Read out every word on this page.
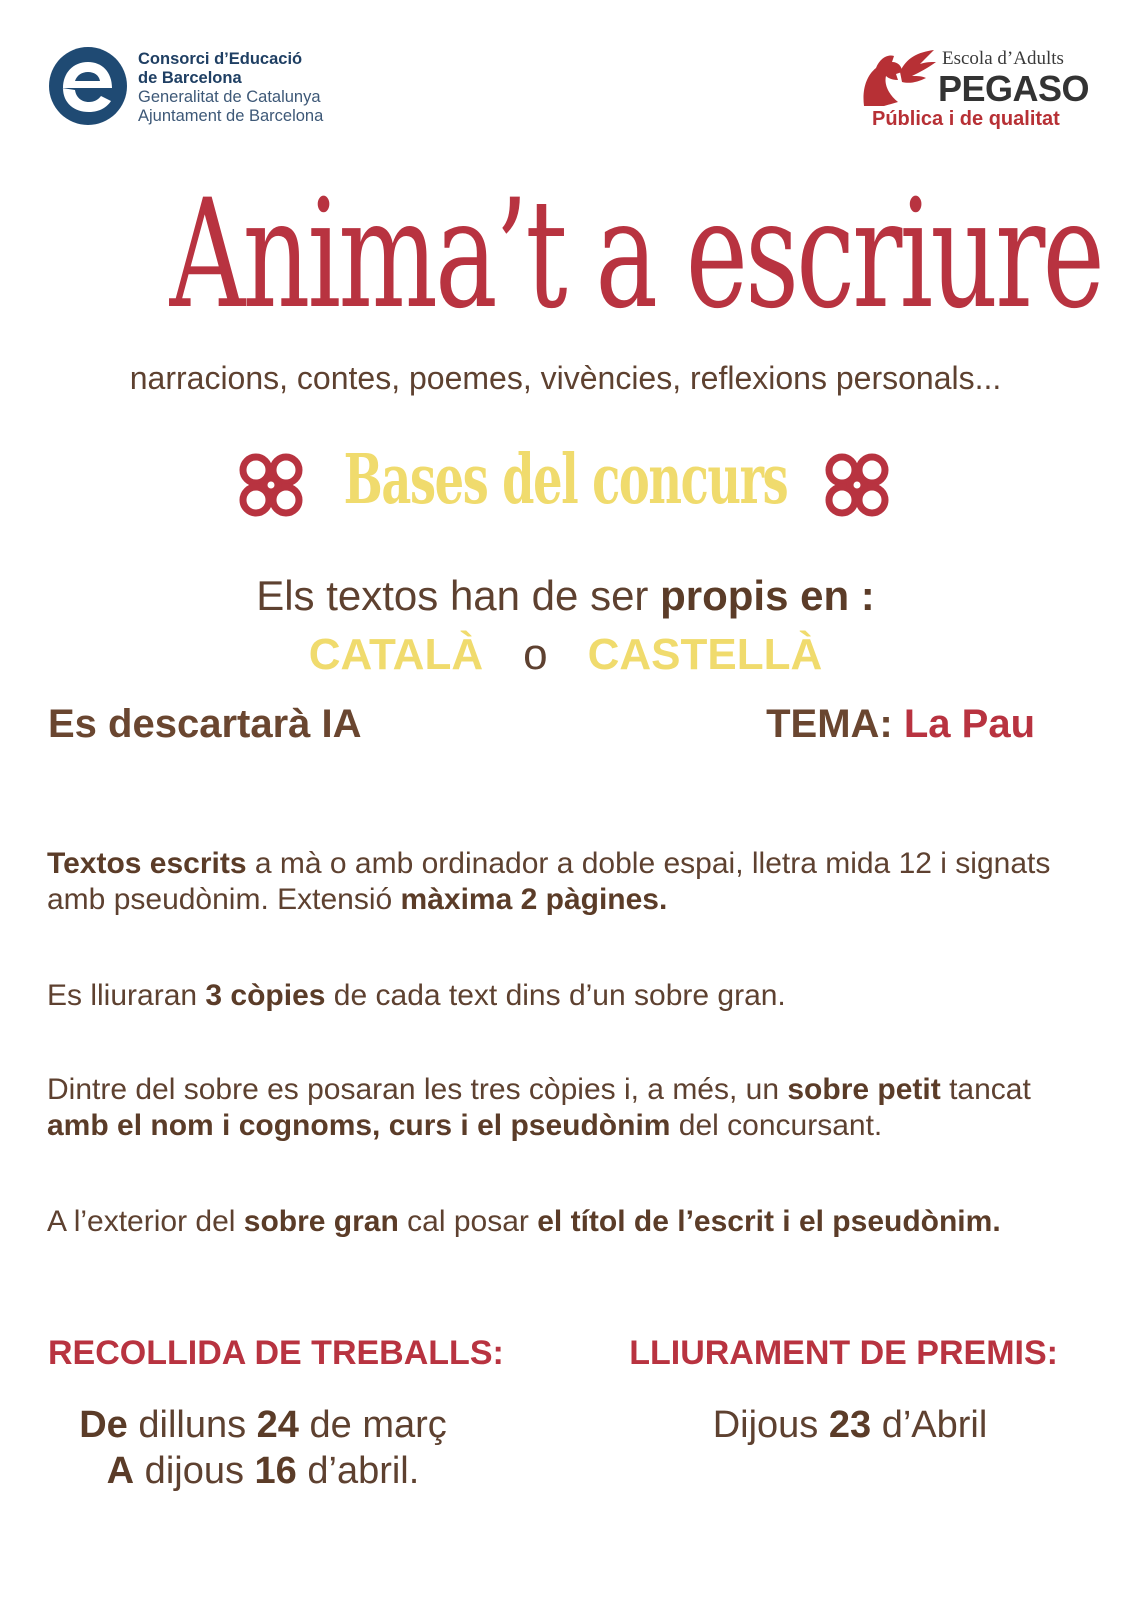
Consorci d’Educació
de Barcelona
Generalitat de Catalunya
Ajuntament de Barcelona
Escola d’Adults
PEGASO
Pública i de qualitat
Anima’t a escriure
narracions, contes, poemes, vivències, reflexions personals...
Bases del concurs
Els textos han de ser propis en :
CATALÀ o CASTELLÀ
Es descartarà IA	TEMA: La Pau
Textos escrits a mà o amb ordinador a doble espai, lletra mida 12 i signats amb pseudònim. Extensió màxima 2 pàgines.
Es lliuraran 3 còpies de cada text dins d’un sobre gran.
Dintre del sobre es posaran les tres còpies i, a més, un sobre petit tancat amb el nom i cognoms, curs i el pseudònim del concursant.
A l’exterior del sobre gran cal posar el títol de l’escrit i el pseudònim.
RECOLLIDA DE TREBALLS:	LLIURAMENT DE PREMIS:
De dilluns 24 de març
A dijous 16 d’abril.
Dijous 23 d’Abril
